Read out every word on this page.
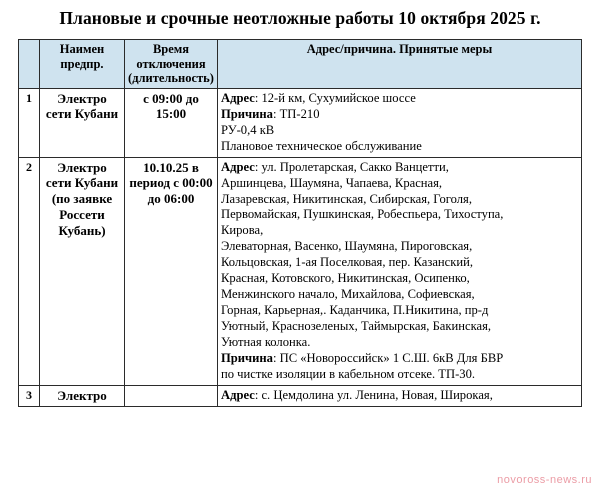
Плановые и срочные неотложные работы 10 октября 2025 г.
	Наимен предпр.	Время отключения (длительность)	Адрес/причина. Принятые меры
1	Электро сети Кубани	с 09:00 до 15:00	Адрес: 12-й км, Сухумийское шоссе
Причина: ТП-210
РУ-0,4 кВ
Плановое техническое обслуживание

2	Электро сети Кубани (по заявке Россети Кубань)	10.10.25 в период с 00:00 до 06:00	
Адрес: ул. Пролетарская, Сакко Ванцетти,
Аршинцева, Шаумяна, Чапаева, Красная,
Лазаревская, Никитинская, Сибирская, Гоголя,
Первомайская, Пушкинская, Робеспьера, Тихоступа,
Кирова,
Элеваторная, Васенко, Шаумяна, Пироговская,
Кольцовская, 1-ая Поселковая, пер. Казанский,
Красная, Котовского, Никитинская, Осипенко,
Менжинского начало, Михайлова, Софиевская,
Горная, Карьерная,. Каданчика, П.Никитина, пр-д
Уютный, Краснозеленых, Таймырская, Бакинская,
Уютная колонка.
Причина: ПС «Новороссийск» 1 С.Ш. 6кВ Для БВР
по чистке изоляции в кабельном отсеке. ТП-30.

3	Электро		Адрес: с. Цемдолина ул. Ленина, Новая, Широкая,
novoross-news.ru
